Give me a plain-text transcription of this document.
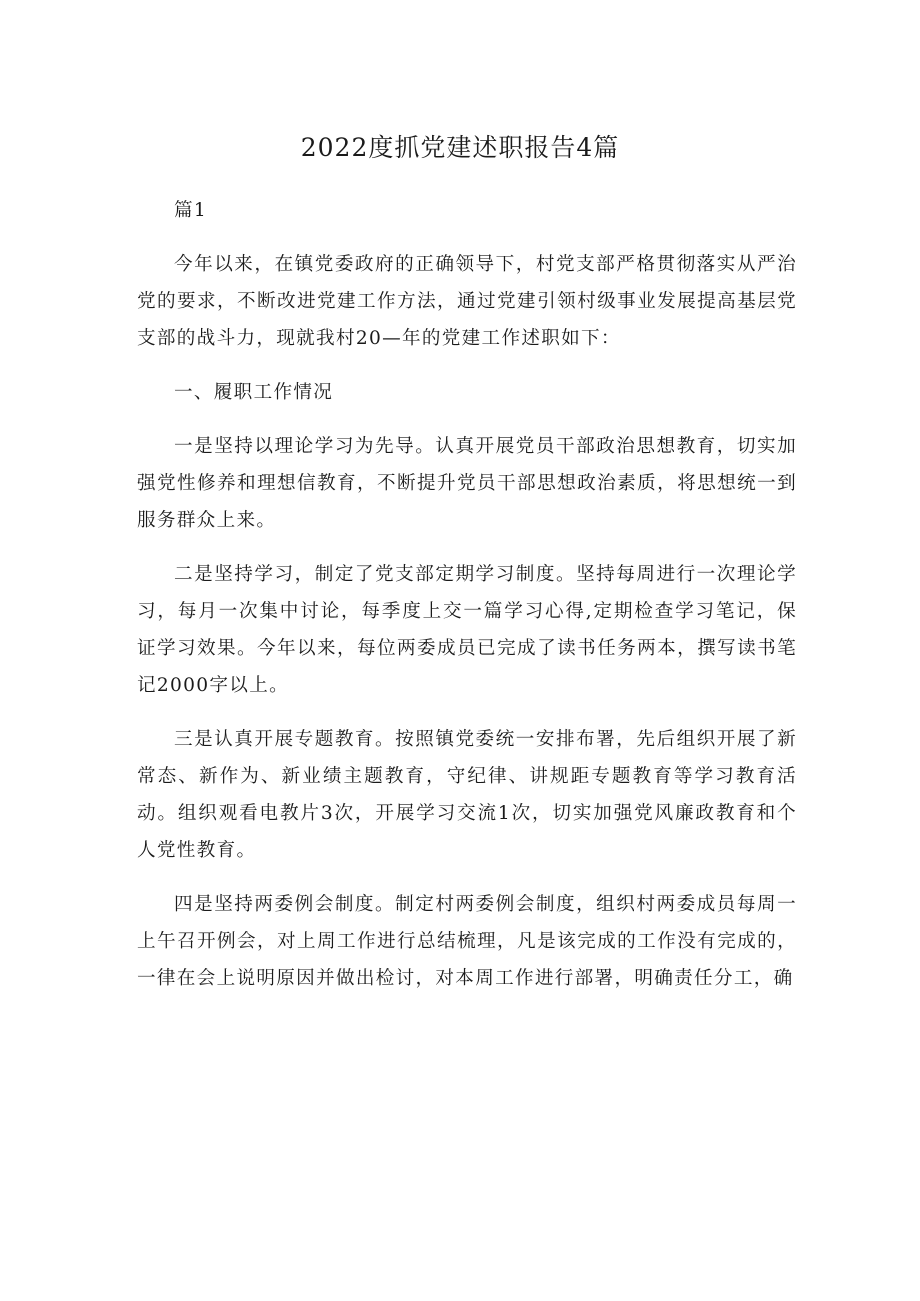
2022度抓党建述职报告4篇

篇1

今年以来，在镇党委政府的正确领导下，村党支部严格贯彻落实从严治党的要求，不断改进党建工作方法，通过党建引领村级事业发展提高基层党支部的战斗力，现就我村20—年的党建工作述职如下：

一、履职工作情况

一是坚持以理论学习为先导。认真开展党员干部政治思想教育，切实加强党性修养和理想信教育，不断提升党员干部思想政治素质，将思想统一到服务群众上来。

二是坚持学习，制定了党支部定期学习制度。坚持每周进行一次理论学习，每月一次集中讨论，每季度上交一篇学习心得,定期检查学习笔记，保证学习效果。今年以来，每位两委成员已完成了读书任务两本，撰写读书笔记2000字以上。

三是认真开展专题教育。按照镇党委统一安排布署，先后组织开展了新常态、新作为、新业绩主题教育，守纪律、讲规距专题教育等学习教育活动。组织观看电教片3次，开展学习交流1次，切实加强党风廉政教育和个人党性教育。

四是坚持两委例会制度。制定村两委例会制度，组织村两委成员每周一上午召开例会，对上周工作进行总结梳理，凡是该完成的工作没有完成的，一律在会上说明原因并做出检讨，对本周工作进行部署，明确责任分工，确
